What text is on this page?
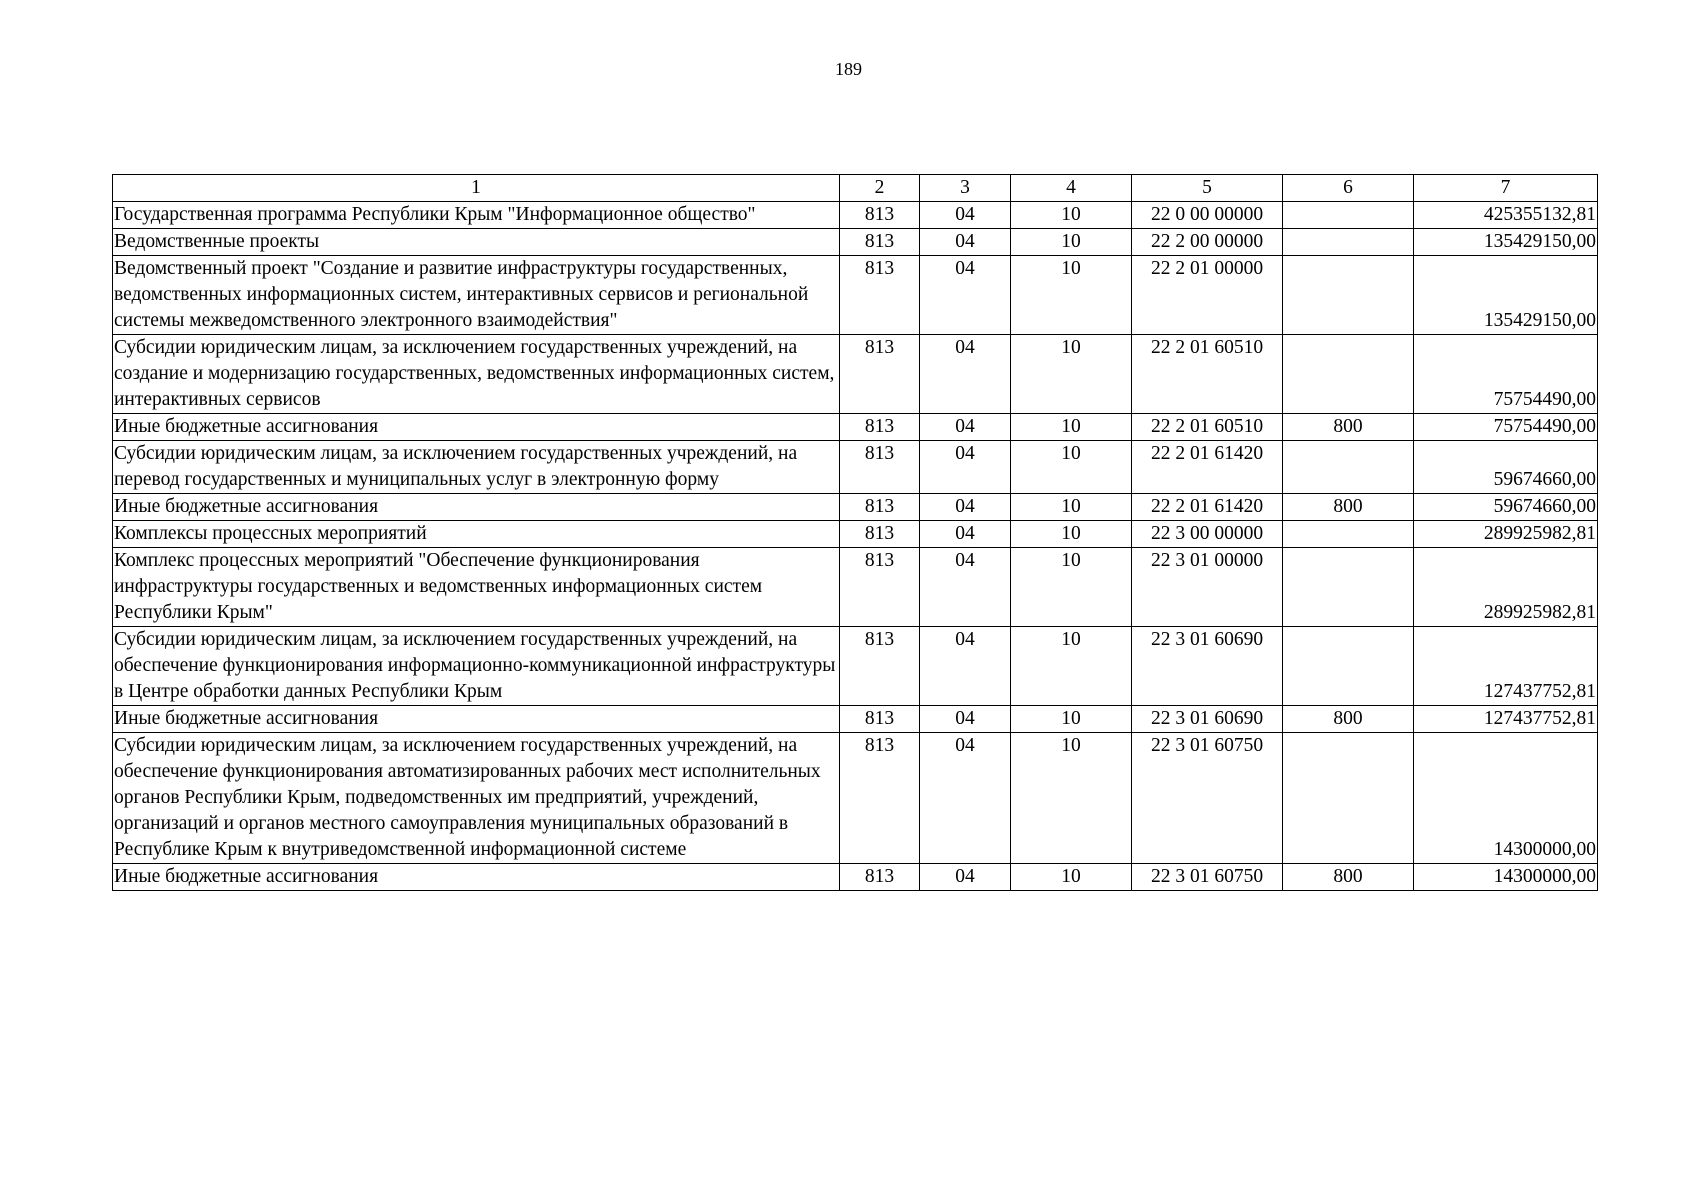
189
1	2	3	4	5	6	7
Государственная программа Республики Крым "Информационное общество"	813	04	10	22 0 00 00000		425355132,81
Ведомственные проекты	813	04	10	22 2 00 00000		135429150,00
Ведомственный проект "Создание и развитие инфраструктуры государственных, ведомственных информационных систем, интерактивных сервисов и региональной системы межведомственного электронного взаимодействия"	813	04	10	22 2 01 00000		135429150,00
Субсидии юридическим лицам, за исключением государственных учреждений, на создание и модернизацию государственных, ведомственных информационных систем, интерактивных сервисов	813	04	10	22 2 01 60510		75754490,00
Иные бюджетные ассигнования	813	04	10	22 2 01 60510	800	75754490,00
Субсидии юридическим лицам, за исключением государственных учреждений, на перевод государственных и муниципальных услуг в электронную форму	813	04	10	22 2 01 61420		59674660,00
Иные бюджетные ассигнования	813	04	10	22 2 01 61420	800	59674660,00
Комплексы процессных мероприятий	813	04	10	22 3 00 00000		289925982,81
Комплекс процессных мероприятий "Обеспечение функционирования инфраструктуры государственных и ведомственных информационных систем Республики Крым"	813	04	10	22 3 01 00000		289925982,81
Субсидии юридическим лицам, за исключением государственных учреждений, на обеспечение функционирования информационно-коммуникационной инфраструктуры в Центре обработки данных Республики Крым	813	04	10	22 3 01 60690		127437752,81
Иные бюджетные ассигнования	813	04	10	22 3 01 60690	800	127437752,81
Субсидии юридическим лицам, за исключением государственных учреждений, на обеспечение функционирования автоматизированных рабочих мест исполнительных органов Республики Крым, подведомственных им предприятий, учреждений, организаций и органов местного самоуправления муниципальных образований в Республике Крым к внутриведомственной информационной системе	813	04	10	22 3 01 60750		14300000,00
Иные бюджетные ассигнования	813	04	10	22 3 01 60750	800	14300000,00
